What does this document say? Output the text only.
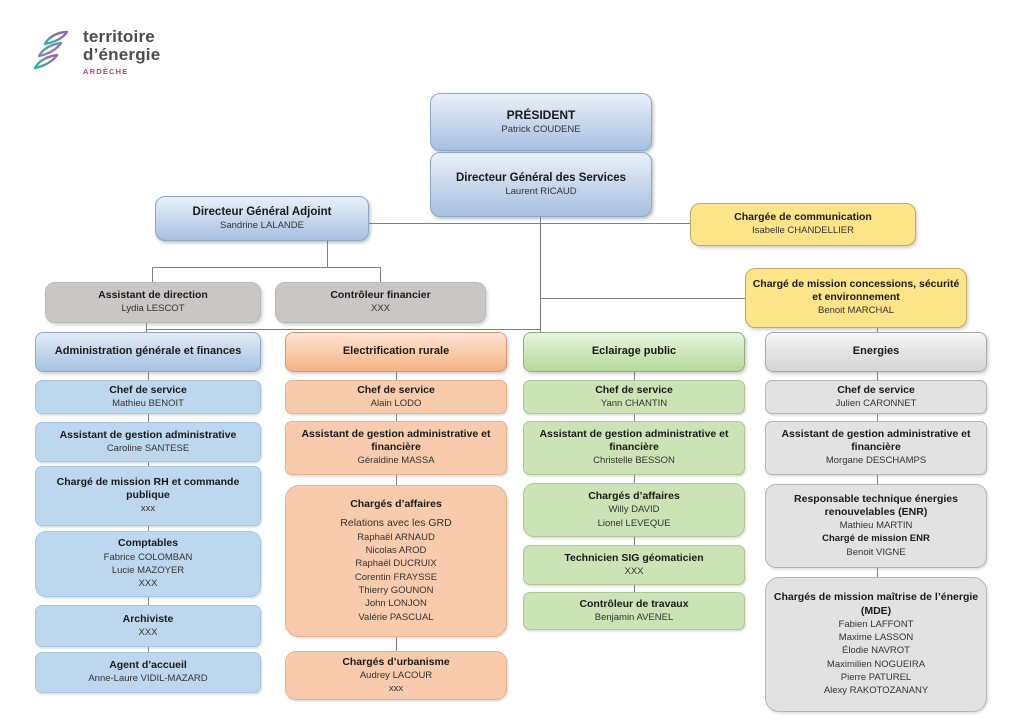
territoire
d’énergie
ARDÈCHE
PRÉSIDENT
Patrick COUDENE
Directeur Général des Services
Laurent RICAUD
Directeur Général Adjoint
Sandrine LALANDE
Chargée de communication
Isabelle CHANDELLIER
Chargé de mission concessions, sécurité et environnement
Benoit MARCHAL
Assistant de direction
Lydia LESCOT
Contrôleur financier
XXX
Administration générale et finances	Electrification rurale	Eclairage public	Energies
Chef de service
Mathieu BENOIT
Assistant de gestion administrative
Caroline SANTESE
Chargé de mission RH et commande publique
xxx
Comptables
Fabrice COLOMBAN
Lucie MAZOYER
XXX
Archiviste
XXX
Agent d’accueil
Anne-Laure VIDIL-MAZARD
Chef de service
Alain LODO
Assistant de gestion administrative et financière
Géraldine MASSA
Chargés d’affaires
Relations avec les GRD
Raphaël ARNAUD
Nicolas AROD
Raphaël DUCRUIX
Corentin FRAYSSE
Thierry GOUNON
John LONJON
Valérie PASCUAL
Chargés d’urbanisme
Audrey LACOUR
xxx
Chef de service
Yann CHANTIN
Assistant de gestion administrative et financière
Christelle BESSON
Chargés d’affaires
Willy DAVID
Lionel LEVEQUE
Technicien SIG géomaticien
XXX
Contrôleur de travaux
Benjamin AVENEL
Chef de service
Julien CARONNET
Assistant de gestion administrative et financière
Morgane DESCHAMPS
Responsable technique énergies renouvelables (ENR)
Mathieu MARTIN
Chargé de mission ENR
Benoit VIGNE
Chargés de mission maîtrise de l’énergie (MDE)
Fabien LAFFONT
Maxime LASSON
Élodie NAVROT
Maximilien NOGUEIRA
Pierre PATUREL
Alexy RAKOTOZANANY
